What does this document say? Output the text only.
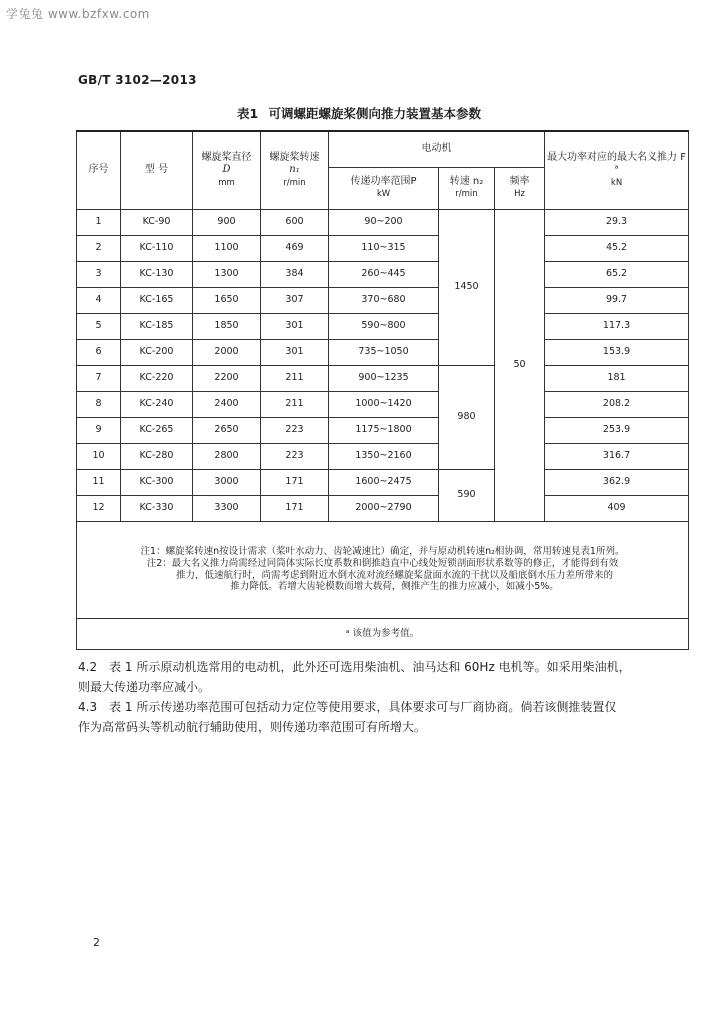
学兔兔 www.bzfxw.com
GB/T 3102—2013
表1 可调螺距螺旋桨侧向推力装置基本参数
序号	型 号	螺旋桨直径
D
mm	螺旋桨转速
n₁
r/min	电动机			最大功率对应的最大名义推力 F ᵃ
kN
				传递功率范围P
kW	转速 n₂
r/min	频率
Hz	
1	KC-90	900	600	90~200	1450	50	29.3
2	KC-110	1100	469	110~315			45.2
3	KC-130	1300	384	260~445			65.2
4	KC-165	1650	307	370~680			99.7
5	KC-185	1850	301	590~800			117.3
6	KC-200	2000	301	735~1050			153.9
7	KC-220	2200	211	900~1235	980		181
8	KC-240	2400	211	1000~1420			208.2
9	KC-265	2650	223	1175~1800			253.9
10	KC-280	2800	223	1350~2160			316.7
11	KC-300	3000	171	1600~2475	590		362.9
12	KC-330	3300	171	2000~2790			409

注1：螺旋桨转速n按设计需求（桨叶水动力、齿轮减速比）确定，并与原动机转速n₂相协调，常用转速見表1所列。
注2：最大名义推力尚需经过同筒体实际长度系数和倒推趋直中心线处短锁剖面形状系数等的修正，才能得到有效
推力，低速航行时，尚需考虑到附近水倒水流对流经螺旋桨盘面水流的干扰以及船底倒水压力差所带来的
推力降低。若增大齿轮模数而增大载荷，侧推产生的推力应减小，如减小5%。							

ᵃ 该值为参考值。							
4.2　表 1 所示原动机选常用的电动机，此外还可选用柴油机、油马达和 60Hz 电机等。如采用柴油机，
则最大传递功率应减小。
4.3　表 1 所示传递功率范围可包括动力定位等使用要求，具体要求可与厂商协商。倘若该侧推装置仅
作为高常码头等机动航行辅助使用，则传递功率范围可有所增大。
2
